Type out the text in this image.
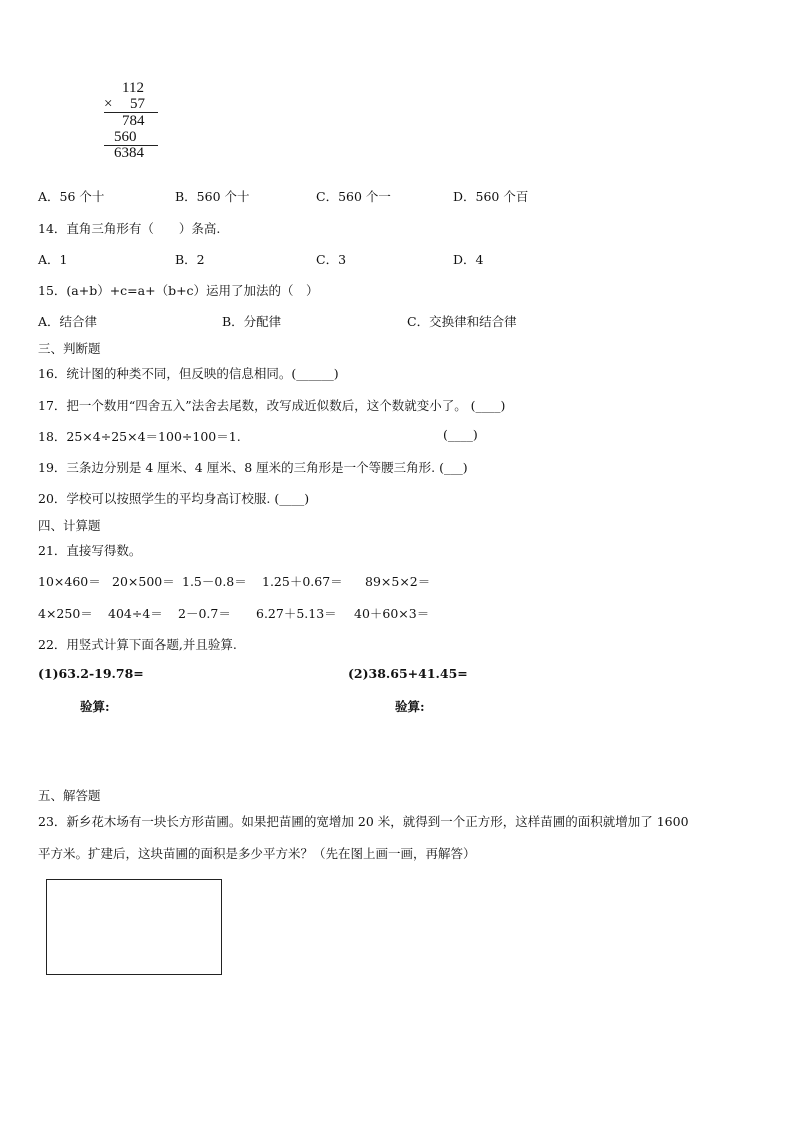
112
× 57
784
560
6384
A．56 个十	B．560 个十	C．560 个一	D．560 个百
14．直角三角形有（　　）条高.
A．1	B．2	C．3	D．4
15．(a+b）+c=a+（b+c）运用了加法的（　）
A．结合律	B．分配律	C．交换律和结合律
三、判断题
16．统计图的种类不同，但反映的信息相同。(______)
17．把一个数用“四舍五入”法舍去尾数，改写成近似数后，这个数就变小了。 (____)
18．25×4÷25×4＝100÷100＝1.	(____)
19．三条边分别是 4 厘米、4 厘米、8 厘米的三角形是一个等腰三角形. (___)
20．学校可以按照学生的平均身高订校服. (____)
四、计算题
21．直接写得数。
10×460＝ 20×500＝ 1.5－0.8＝ 1.25＋0.67＝ 89×5×2＝
4×250＝ 404÷4＝ 2－0.7＝ 6.27＋5.13＝ 40＋60×3＝
22．用竖式计算下面各题,并且验算.
(1)63.2-19.78=	(2)38.65+41.45=
验算:	验算:
五、解答题
23．新乡花木场有一块长方形苗圃。如果把苗圃的宽增加 20 米，就得到一个正方形，这样苗圃的面积就增加了 1600
平方米。扩建后，这块苗圃的面积是多少平方米？（先在图上画一画，再解答）
